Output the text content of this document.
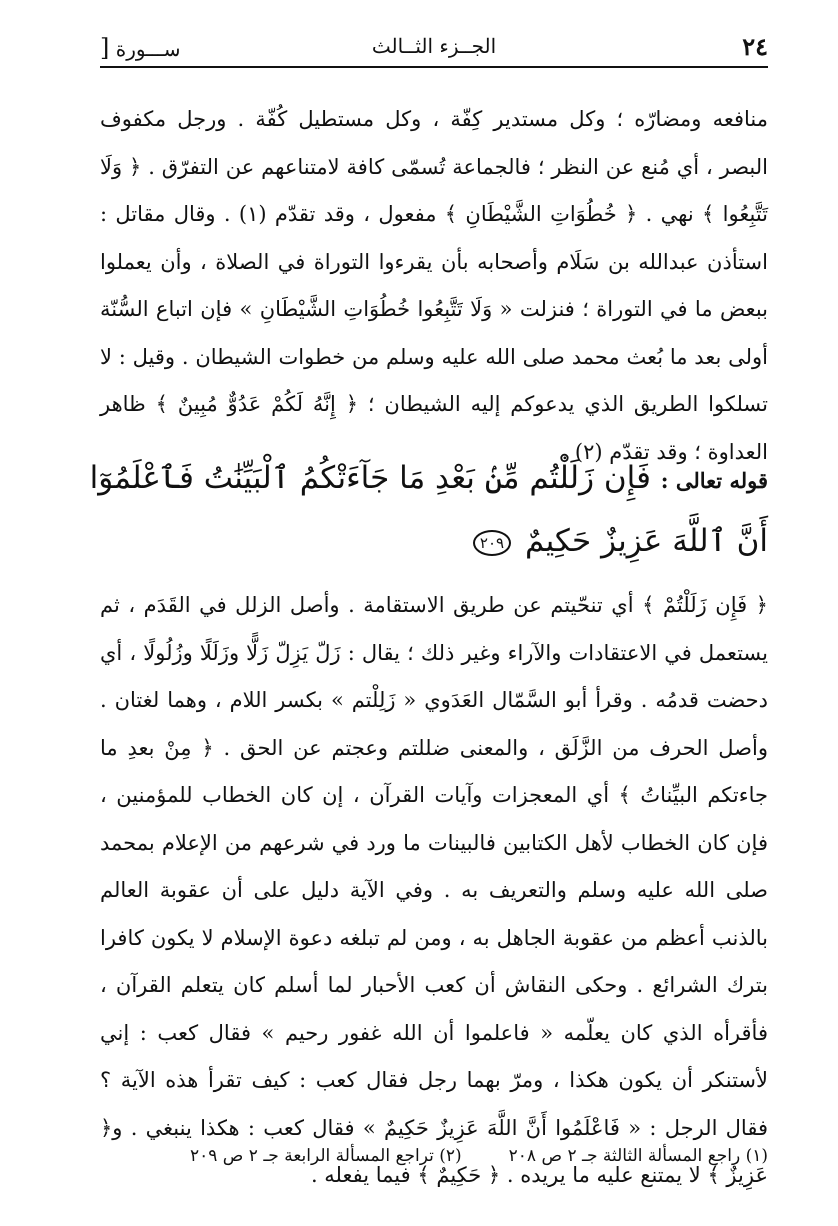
٢٤
الجــزء الثــالث
ســـورة [

منافعه ومضارّه ؛ وكل مستدير كِفّة ، وكل مستطيل كُفّة . ورجل مكفوف البصر ، أي مُنع عن النظر ؛ فالجماعة تُسمّى كافة لامتناعهم عن التفرّق . ﴿ وَلَا تَتَّبِعُوا ﴾ نهي . ﴿ خُطُوَاتِ الشَّيْطَانِ ﴾ مفعول ، وقد تقدّم (١) . وقال مقاتل : استأذن عبدالله بن سَلَام وأصحابه بأن يقرءوا التوراة في الصلاة ، وأن يعملوا ببعض ما في التوراة ؛ فنزلت « وَلَا تَتَّبِعُوا خُطُوَاتِ الشَّيْطَانِ » فإن اتباع السُّنّة أولى بعد ما بُعث محمد صلى الله عليه وسلم من خطوات الشيطان . وقيل : لا تسلكوا الطريق الذي يدعوكم إليه الشيطان ؛ ﴿ إِنَّهُ لَكُمْ عَدُوٌّ مُبِينٌ ﴾ ظاهر العداوة ؛ وقد تقدّم (٢) .

قوله تعالى : فَإِن زَلَلْتُم مِّنۢ بَعْدِ مَا جَآءَتْكُمُ ٱلْبَيِّنَٰتُ فَٱعْلَمُوٓا
أَنَّ ٱللَّهَ عَزِيزٌ حَكِيمٌ ٢٠٩

﴿ فَإِن زَلَلْتُمْ ﴾ أي تنحّيتم عن طريق الاستقامة . وأصل الزلل في القَدَم ، ثم يستعمل في الاعتقادات والآراء وغير ذلك ؛ يقال : زَلّ يَزِلّ زَلًّا وزَلَلًا وزُلُولًا ، أي دحضت قدمُه . وقرأ أبو السَّمّال العَدَوي « زَلِلْتم » بكسر اللام ، وهما لغتان . وأصل الحرف من الزَّلَق ، والمعنى ضللتم وعجتم عن الحق . ﴿ مِنْ بعدِ ما جاءتكم البيِّناتُ ﴾ أي المعجزات وآيات القرآن ، إن كان الخطاب للمؤمنين ، فإن كان الخطاب لأهل الكتابين فالبينات ما ورد في شرعهم من الإعلام بمحمد صلى الله عليه وسلم والتعريف به . وفي الآية دليل على أن عقوبة العالم بالذنب أعظم من عقوبة الجاهل به ، ومن لم تبلغه دعوة الإسلام لا يكون كافرا بترك الشرائع . وحكى النقاش أن كعب الأحبار لما أسلم كان يتعلم القرآن ، فأقرأه الذي كان يعلّمه « فاعلموا أن الله غفور رحيم » فقال كعب : إني لأستنكر أن يكون هكذا ، ومرّ بهما رجل فقال كعب : كيف تقرأ هذه الآية ؟ فقال الرجل : « فَاعْلَمُوا أَنَّ اللَّهَ عَزِيزٌ حَكِيمٌ » فقال كعب : هكذا ينبغي . و﴿ عَزِيزٌ ﴾ لا يمتنع عليه ما يريده . ﴿ حَكِيمٌ ﴾ فيما يفعله .

(١) راجع المسألة الثالثة جـ ٢ ص ٢٠٨
(٢) تراجع المسألة الرابعة جـ ٢ ص ٢٠٩
